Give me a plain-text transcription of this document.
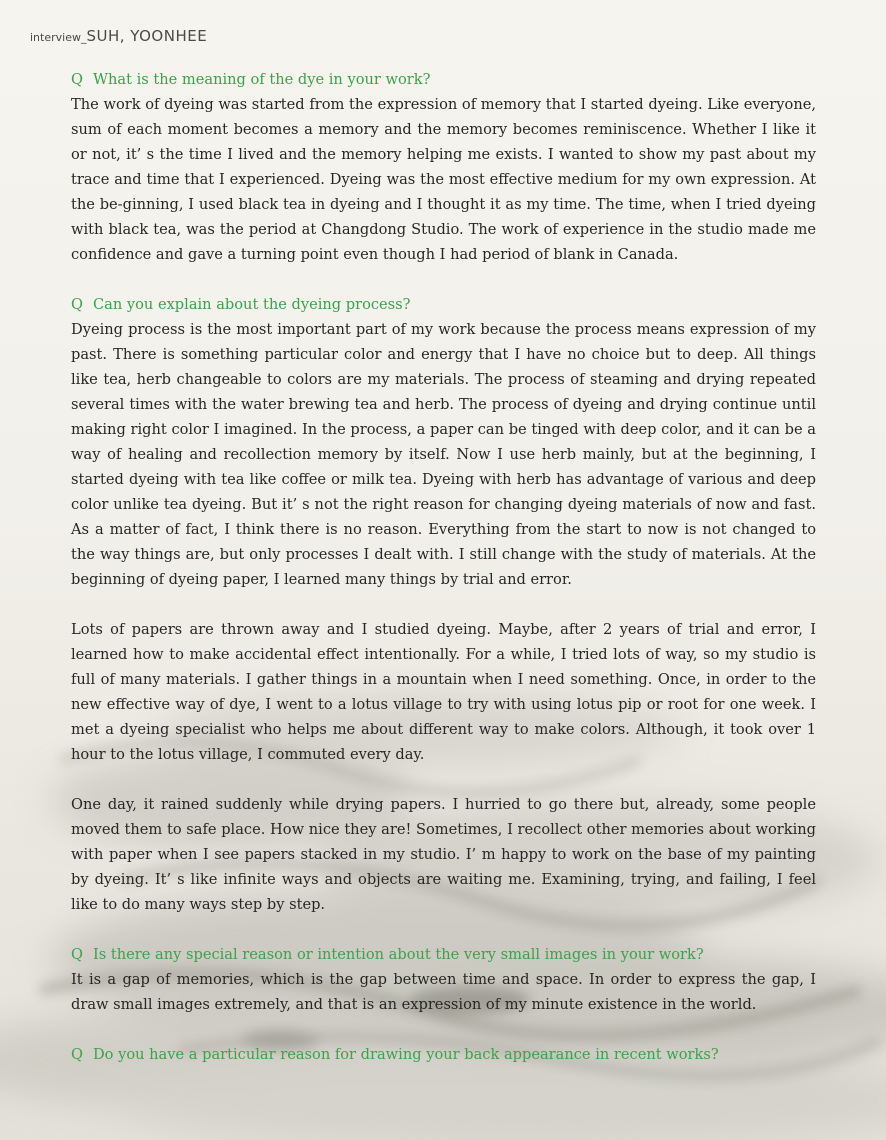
interview_SUH, YOONHEE
Q What is the meaning of the dye in your work?
The work of dyeing was started from the expression of memory that I started dyeing. Like everyone, sum of each moment becomes a memory and the memory becomes reminiscence. Whether I like it or not, it’ s the time I lived and the memory helping me exists. I wanted to show my past about my trace and time that I experienced. Dyeing was the most effective medium for my own expression. At the be-ginning, I used black tea in dyeing and I thought it as my time. The time, when I tried dyeing with black tea, was the period at Changdong Studio. The work of experience in the studio made me confidence and gave a turning point even though I had period of blank in Canada.
Q Can you explain about the dyeing process?
Dyeing process is the most important part of my work because the process means expression of my past. There is something particular color and energy that I have no choice but to deep. All things like tea, herb changeable to colors are my materials. The process of steaming and drying repeated several times with the water brewing tea and herb. The process of dyeing and drying continue until making right color I imagined. In the process, a paper can be tinged with deep color, and it can be a way of healing and recollection memory by itself. Now I use herb mainly, but at the beginning, I started dyeing with tea like coffee or milk tea. Dyeing with herb has advantage of various and deep color unlike tea dyeing. But it’ s not the right reason for changing dyeing materials of now and fast. As a matter of fact, I think there is no reason. Everything from the start to now is not changed to the way things are, but only processes I dealt with. I still change with the study of materials. At the beginning of dyeing paper, I learned many things by trial and error.
Lots of papers are thrown away and I studied dyeing. Maybe, after 2 years of trial and error, I learned how to make accidental effect intentionally. For a while, I tried lots of way, so my studio is full of many materials. I gather things in a mountain when I need something. Once, in order to the new effective way of dye, I went to a lotus village to try with using lotus pip or root for one week. I met a dyeing specialist who helps me about different way to make colors. Although, it took over 1 hour to the lotus village, I commuted every day.
One day, it rained suddenly while drying papers. I hurried to go there but, already, some people moved them to safe place. How nice they are! Sometimes, I recollect other memories about working with paper when I see papers stacked in my studio. I’ m happy to work on the base of my painting by dyeing. It’ s like infinite ways and objects are waiting me. Examining, trying, and failing, I feel like to do many ways step by step.
Q Is there any special reason or intention about the very small images in your work?
It is a gap of memories, which is the gap between time and space. In order to express the gap, I draw small images extremely, and that is an expression of my minute existence in the world.
Q Do you have a particular reason for drawing your back appearance in recent works?
